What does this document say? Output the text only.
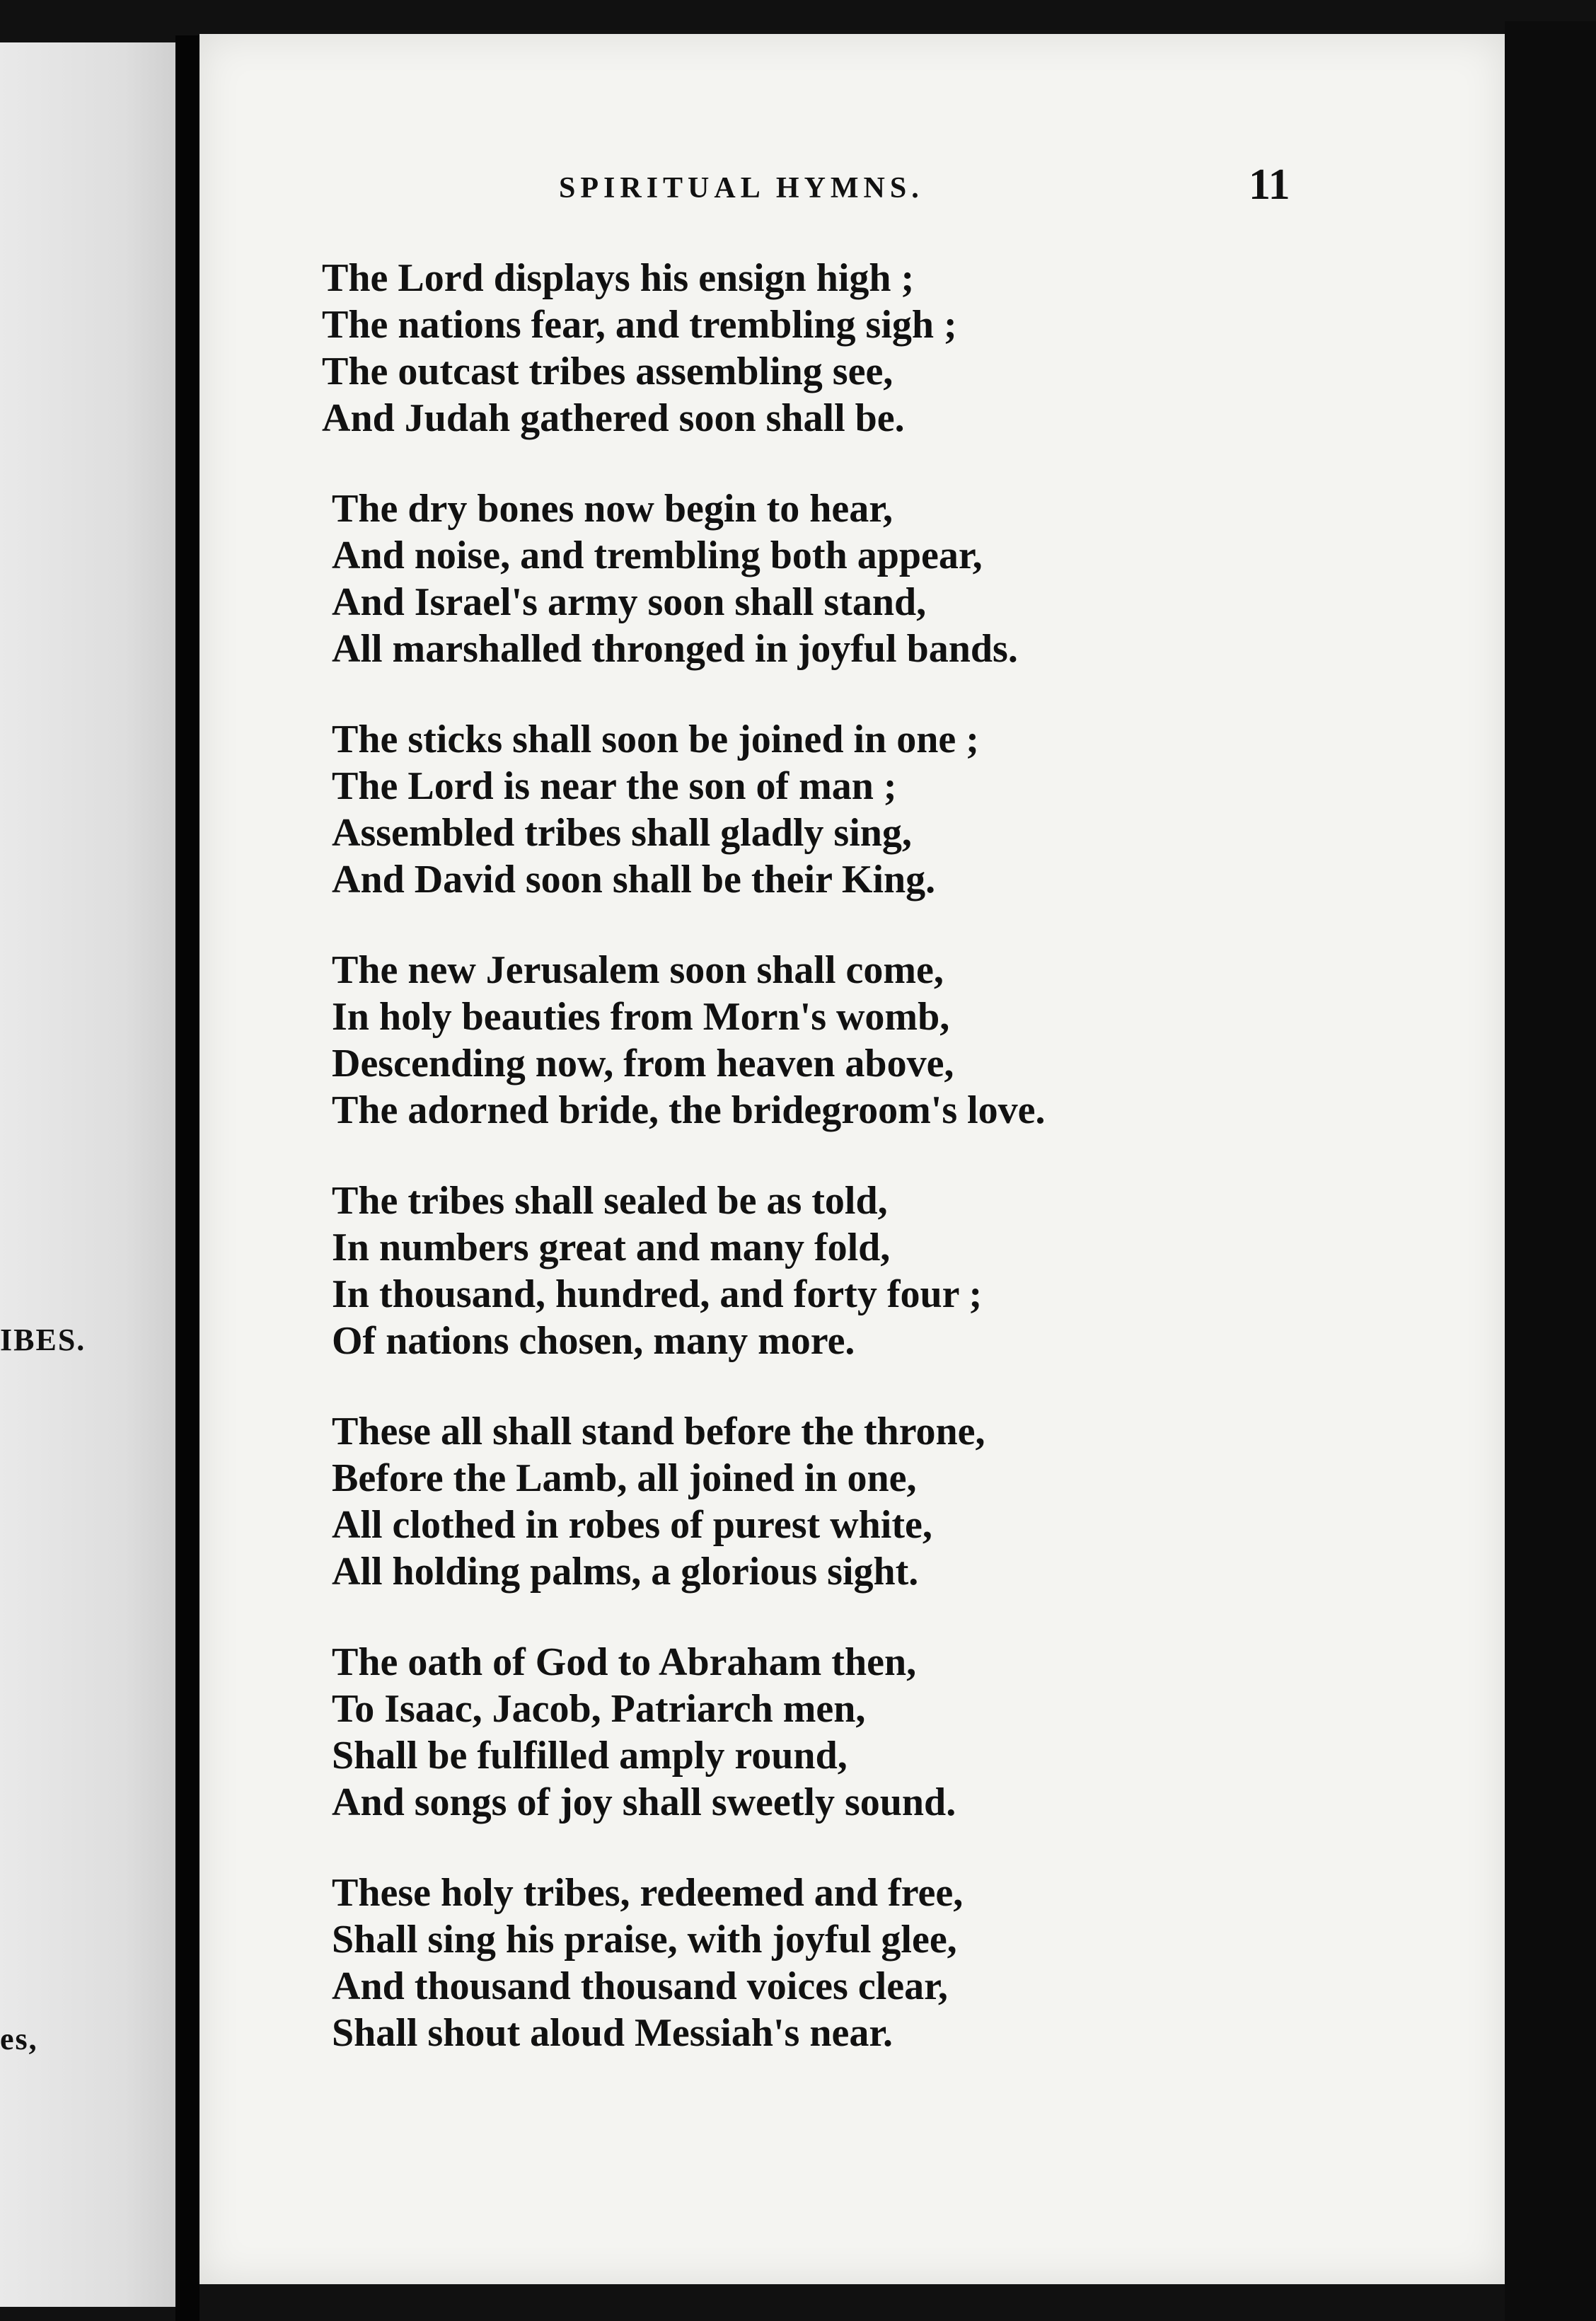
IBES.
es,
SPIRITUAL HYMNS.	11
The Lord displays his ensign high ;
The nations fear, and trembling sigh ;
The outcast tribes assembling see,
And Judah gathered soon shall be.
The dry bones now begin to hear,
And noise, and trembling both appear,
And Israel's army soon shall stand,
All marshalled thronged in joyful bands.
The sticks shall soon be joined in one ;
The Lord is near the son of man ;
Assembled tribes shall gladly sing,
And David soon shall be their King.
The new Jerusalem soon shall come,
In holy beauties from Morn's womb,
Descending now, from heaven above,
The adorned bride, the bridegroom's love.
The tribes shall sealed be as told,
In numbers great and many fold,
In thousand, hundred, and forty four ;
Of nations chosen, many more.
These all shall stand before the throne,
Before the Lamb, all joined in one,
All clothed in robes of purest white,
All holding palms, a glorious sight.
The oath of God to Abraham then,
To Isaac, Jacob, Patriarch men,
Shall be fulfilled amply round,
And songs of joy shall sweetly sound.
These holy tribes, redeemed and free,
Shall sing his praise, with joyful glee,
And thousand thousand voices clear,
Shall shout aloud Messiah's near.
